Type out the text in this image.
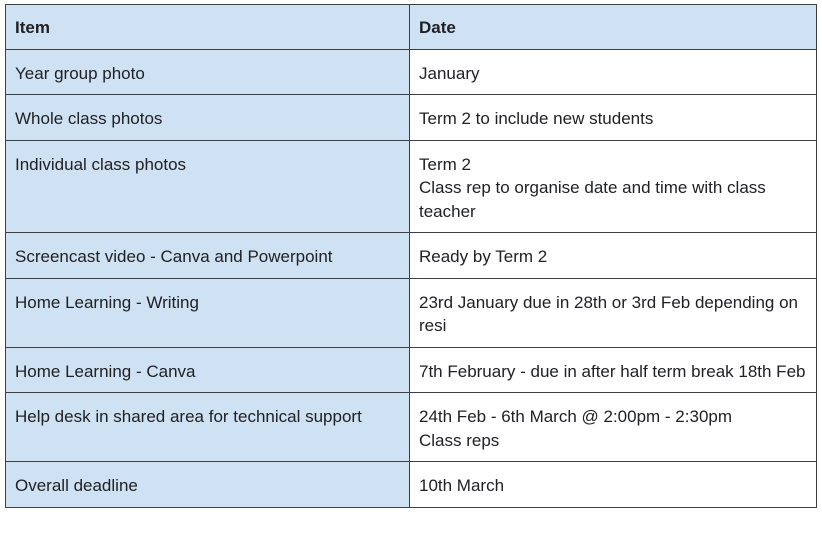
Item	Date
Year group photo	January

Whole class photos	Term 2 to include new students

Individual class photos	Term 2
Class rep to organise date and time with class teacher

Screencast video - Canva and Powerpoint	Ready by Term 2

Home Learning - Writing	23rd January due in 28th or 3rd Feb depending on resi

Home Learning - Canva	7th February - due in after half term break 18th Feb

Help desk in shared area for technical support	24th Feb - 6th March @ 2:00pm - 2:30pm
Class reps

Overall deadline	10th March
